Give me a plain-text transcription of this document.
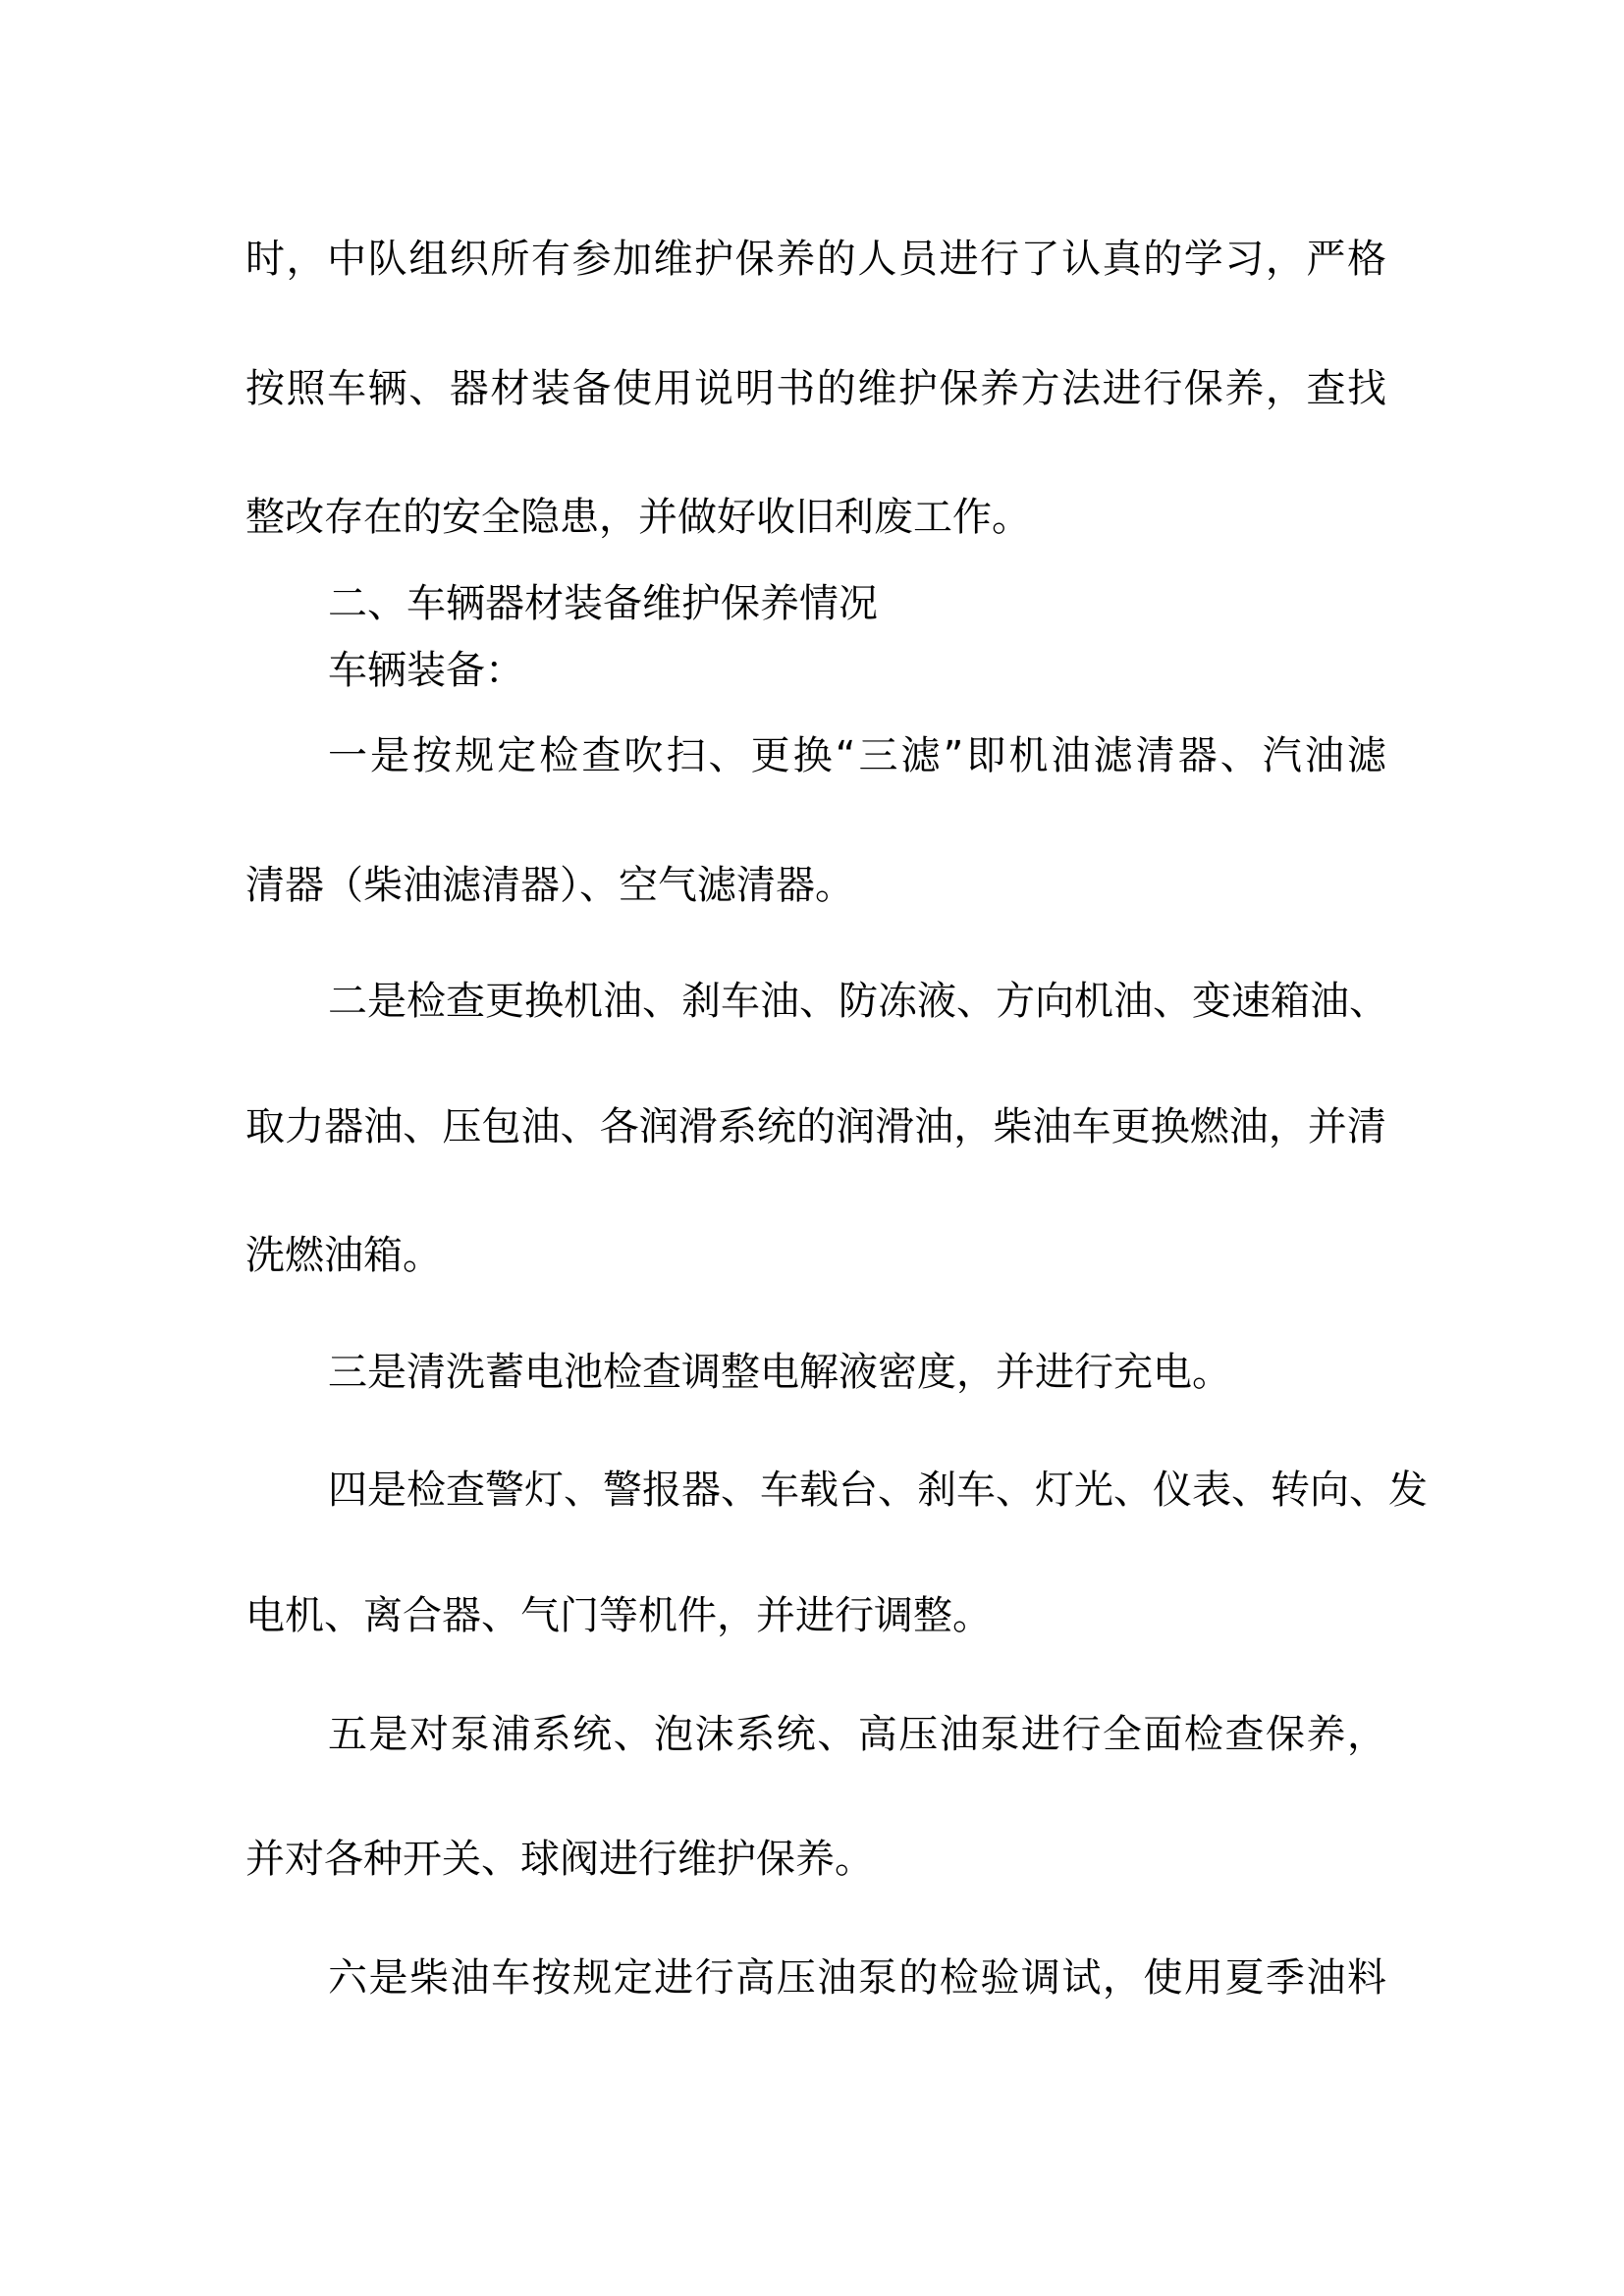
时，中队组织所有参加维护保养的人员进行了认真的学习，严格
按照车辆、器材装备使用说明书的维护保养方法进行保养，查找
整改存在的安全隐患，并做好收旧利废工作。
二、车辆器材装备维护保养情况
车辆装备：
一是按规定检查吹扫、更换“三滤”即机油滤清器、汽油滤
清器（柴油滤清器）、空气滤清器。
二是检查更换机油、刹车油、防冻液、方向机油、变速箱油、
取力器油、压包油、各润滑系统的润滑油，柴油车更换燃油，并清
洗燃油箱。
三是清洗蓄电池检查调整电解液密度，并进行充电。
四是检查警灯、警报器、车载台、刹车、灯光、仪表、转向、发
电机、离合器、气门等机件，并进行调整。
五是对泵浦系统、泡沫系统、高压油泵进行全面检查保养，
并对各种开关、球阀进行维护保养。
六是柴油车按规定进行高压油泵的检验调试，使用夏季油料
